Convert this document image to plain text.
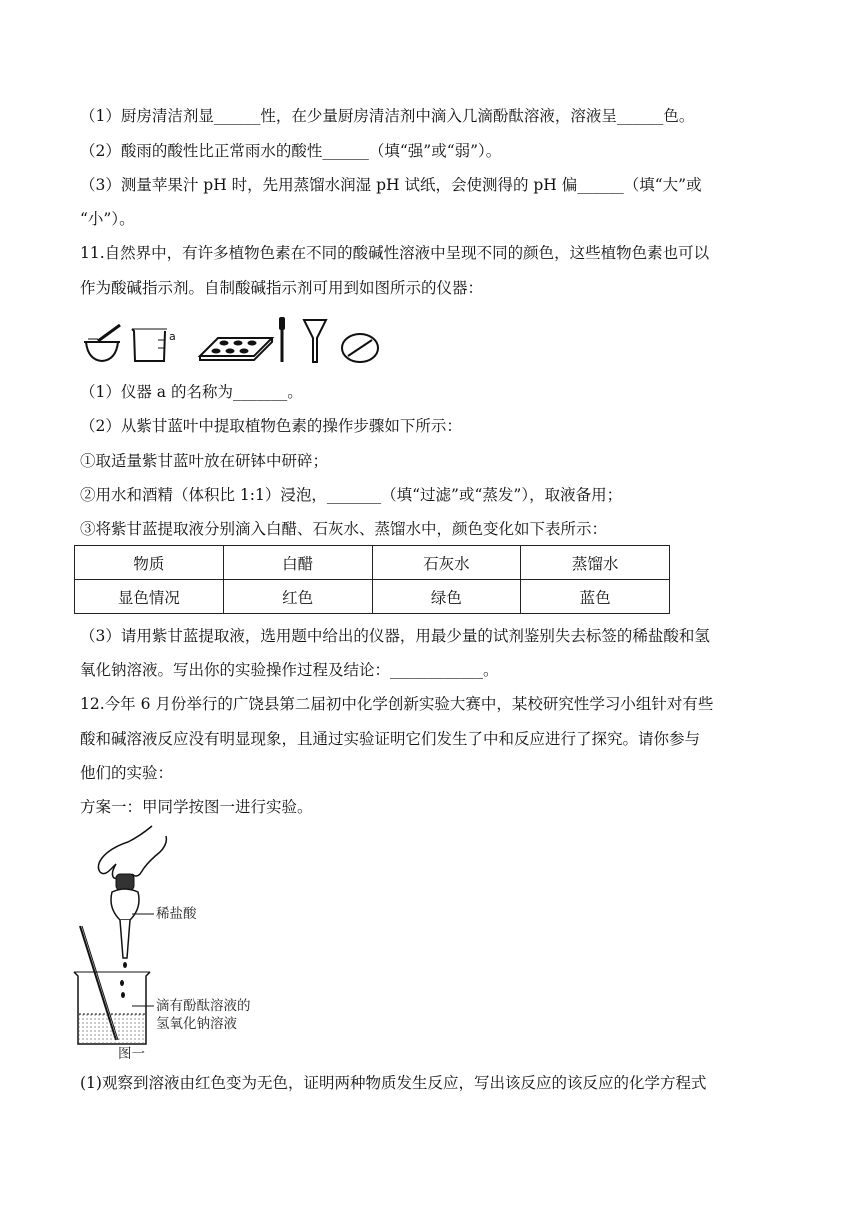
（1）厨房清洁剂显______性，在少量厨房清洁剂中滴入几滴酚酞溶液，溶液呈______色。
（2）酸雨的酸性比正常雨水的酸性______（填“强”或“弱”）。
（3）测量苹果汁 pH 时，先用蒸馏水润湿 pH 试纸，会使测得的 pH 偏______（填“大”或
“小”）。
11.自然界中，有许多植物色素在不同的酸碱性溶液中呈现不同的颜色，这些植物色素也可以
作为酸碱指示剂。自制酸碱指示剂可用到如图所示的仪器：
a
（1）仪器 a 的名称为_______。
（2）从紫甘蓝叶中提取植物色素的操作步骤如下所示：
①取适量紫甘蓝叶放在研钵中研碎；
②用水和酒精（体积比 1:1）浸泡，_______（填“过滤”或“蒸发”），取液备用；
③将紫甘蓝提取液分别滴入白醋、石灰水、蒸馏水中，颜色变化如下表所示：
物质	白醋	石灰水	蒸馏水
显色情况	红色	绿色	蓝色
（3）请用紫甘蓝提取液，选用题中给出的仪器，用最少量的试剂鉴别失去标签的稀盐酸和氢
氧化钠溶液。写出你的实验操作过程及结论：____________。
12.今年 6 月份举行的广饶县第二届初中化学创新实验大赛中，某校研究性学习小组针对有些
酸和碱溶液反应没有明显现象，且通过实验证明它们发生了中和反应进行了探究。请你参与
他们的实验：
方案一：甲同学按图一进行实验。
稀盐酸
滴有酚酞溶液的
氢氧化钠溶液
图一
(1)观察到溶液由红色变为无色，证明两种物质发生反应，写出该反应的该反应的化学方程式
